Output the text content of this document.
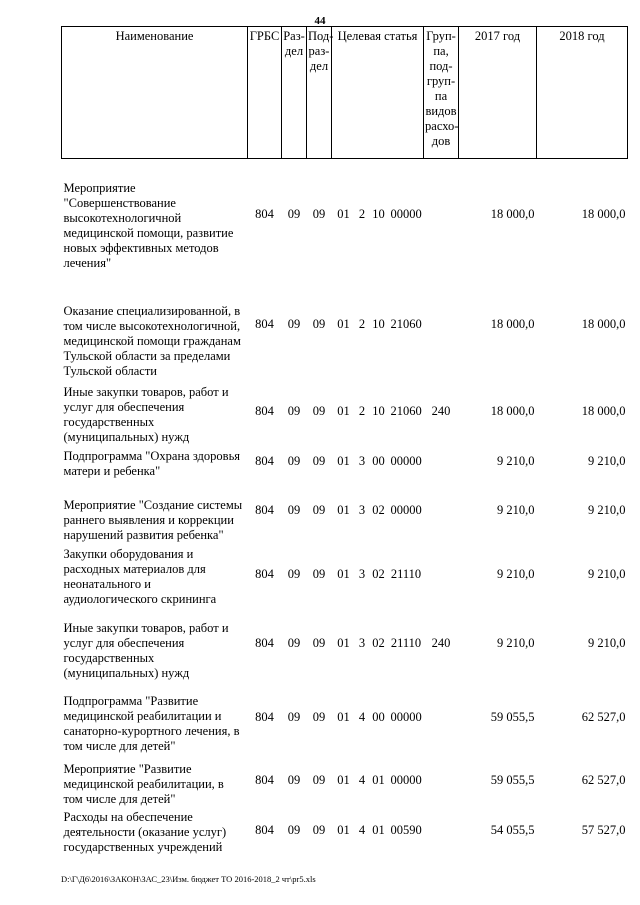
44
Наименование	ГРБС	Раз-дел	Под-раз-дел	Целевая статья				Груп-па, под-груп-па видов расхо-дов	2017 год	2018 год
Мероприятие "Совершенствование высокотехнологичной медицинской помощи, развитие новых эффективных методов лечения"	804	09	09	01	2	10	00000		18 000,0	18 000,0
Оказание специализированной, в том числе высокотехнологичной, медицинской помощи гражданам Тульской области за пределами Тульской области	804	09	09	01	2	10	21060		18 000,0	18 000,0
Иные закупки товаров, работ и услуг для обеспечения государственных (муниципальных) нужд	804	09	09	01	2	10	21060	240	18 000,0	18 000,0
Подпрограмма "Охрана здоровья матери и ребенка"	804	09	09	01	3	00	00000		9 210,0	9 210,0
Мероприятие "Создание системы раннего выявления и коррекции нарушений развития ребенка"	804	09	09	01	3	02	00000		9 210,0	9 210,0
Закупки оборудования и расходных материалов для неонатального и аудиологического скрининга	804	09	09	01	3	02	21110		9 210,0	9 210,0
Иные закупки товаров, работ и услуг для обеспечения государственных (муниципальных) нужд	804	09	09	01	3	02	21110	240	9 210,0	9 210,0
Подпрограмма "Развитие медицинской реабилитации и санаторно-курортного лечения, в том числе для детей"	804	09	09	01	4	00	00000		59 055,5	62 527,0
Мероприятие "Развитие медицинской реабилитации, в том числе для детей"	804	09	09	01	4	01	00000		59 055,5	62 527,0
Расходы на обеспечение деятельности (оказание услуг) государственных учреждений	804	09	09	01	4	01	00590		54 055,5	57 527,0
D:\Г\Д6\2016\ЗАКОН\ЗАС_23\Изм. бюджет ТО 2016-2018_2 чт\pr5.xls
